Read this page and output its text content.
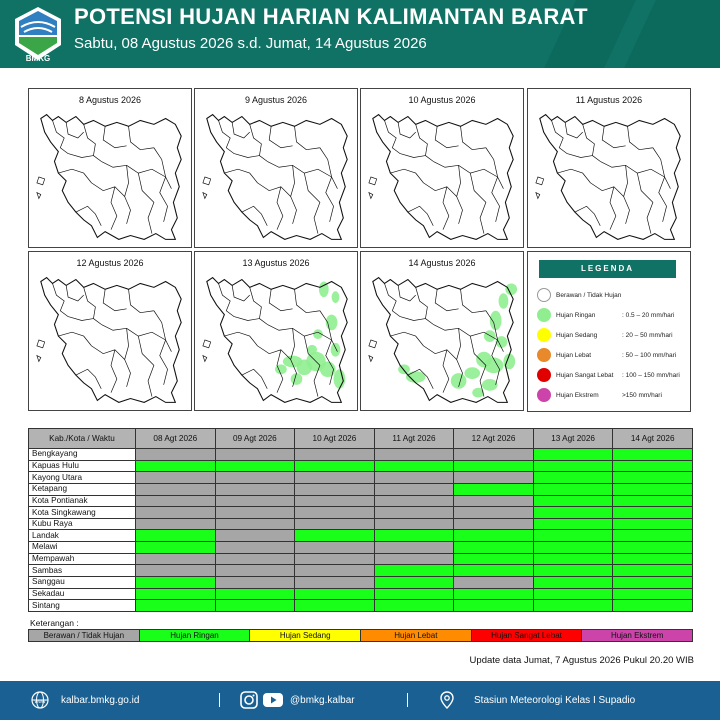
BMKG
POTENSI HUJAN HARIAN KALIMANTAN BARAT
Sabtu, 08 Agustus 2026 s.d. Jumat, 14 Agustus 2026
8 Agustus 2026	9 Agustus 2026	10 Agustus 2026	11 Agustus 2026
12 Agustus 2026	13 Agustus 2026	14 Agustus 2026
LEGENDA
Berawan / Tidak Hujan
Hujan Ringan	: 0.5 – 20 mm/hari
Hujan Sedang	: 20 – 50 mm/hari
Hujan Lebat	: 50 – 100 mm/hari
Hujan Sangat Lebat : 100 – 150 mm/hari
Hujan Ekstrem	>150 mm/hari
Kab./Kota / Waktu	08 Agt 2026	09 Agt 2026	10 Agt 2026	11 Agt 2026	12 Agt 2026	13 Agt 2026	14 Agt 2026
Bengkayang							
Kapuas Hulu							
Kayong Utara							
Ketapang							
Kota Pontianak							
Kota Singkawang							
Kubu Raya							
Landak							
Melawi							
Mempawah							
Sambas							
Sanggau							
Sekadau							
Sintang							
Keterangan :
Berawan / Tidak Hujan	Hujan Ringan	Hujan Sedang	Hujan Lebat	Hujan Sangat Lebat	Hujan Ekstrem
Update data Jumat, 7 Agustus 2026 Pukul 20.20 WIB
www kalbar.bmkg.go.id	@bmkg.kalbar	Stasiun Meteorologi Kelas I Supadio
